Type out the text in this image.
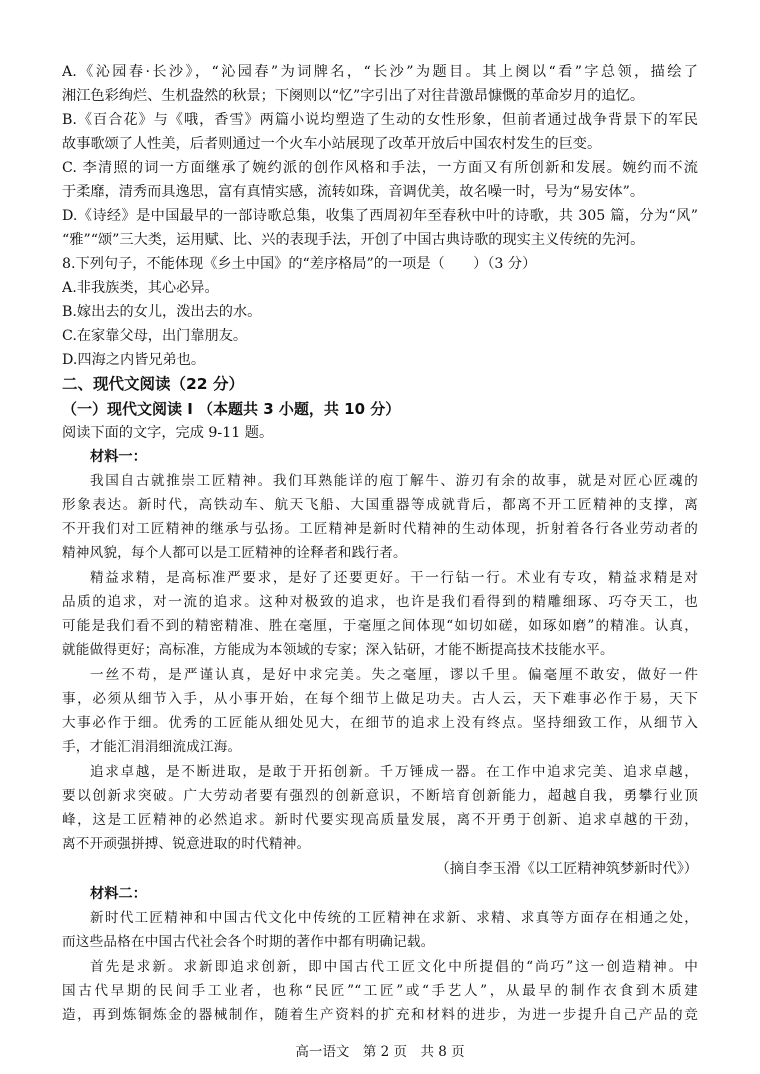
A.《沁园春·长沙》，“沁园春”为词牌名，“长沙”为题目。其上阕以“看”字总领，描绘了
湘江色彩绚烂、生机盎然的秋景；下阕则以“忆”字引出了对往昔激昂慷慨的革命岁月的追忆。
B.《百合花》与《哦，香雪》两篇小说均塑造了生动的女性形象，但前者通过战争背景下的军民
故事歌颂了人性美，后者则通过一个火车小站展现了改革开放后中国农村发生的巨变。
C. 李清照的词一方面继承了婉约派的创作风格和手法，一方面又有所创新和发展。婉约而不流
于柔靡，清秀而具逸思，富有真情实感，流转如珠，音调优美，故名噪一时，号为“易安体”。
D.《诗经》是中国最早的一部诗歌总集，收集了西周初年至春秋中叶的诗歌，共 305 篇，分为“风”
“雅”“颂”三大类，运用赋、比、兴的表现手法，开创了中国古典诗歌的现实主义传统的先河。
8.下列句子，不能体现《乡土中国》的“差序格局”的一项是（　　）（3 分）
A.非我族类，其心必异。
B.嫁出去的女儿，泼出去的水。
C.在家靠父母，出门靠朋友。
D.四海之内皆兄弟也。
二、现代文阅读（22 分）
（一）现代文阅读 I （本题共 3 小题，共 10 分）
阅读下面的文字，完成 9-11 题。
材料一：
我国自古就推崇工匠精神。我们耳熟能详的庖丁解牛、游刃有余的故事，就是对匠心匠魂的
形象表达。新时代，高铁动车、航天飞船、大国重器等成就背后，都离不开工匠精神的支撑，离
不开我们对工匠精神的继承与弘扬。工匠精神是新时代精神的生动体现，折射着各行各业劳动者的
精神风貌，每个人都可以是工匠精神的诠释者和践行者。
精益求精，是高标准严要求，是好了还要更好。干一行钻一行。术业有专攻，精益求精是对
品质的追求，对一流的追求。这种对极致的追求，也许是我们看得到的精雕细琢、巧夺天工，也
可能是我们看不到的精密精准、胜在毫厘，于毫厘之间体现“如切如磋，如琢如磨”的精准。认真，
就能做得更好；高标准，方能成为本领域的专家；深入钻研，才能不断提高技术技能水平。
一丝不苟，是严谨认真，是好中求完美。失之毫厘，谬以千里。偏毫厘不敢安，做好一件
事，必须从细节入手，从小事开始，在每个细节上做足功夫。古人云，天下难事必作于易，天下
大事必作于细。优秀的工匠能从细处见大，在细节的追求上没有终点。坚持细致工作，从细节入
手，才能汇涓涓细流成江海。
追求卓越，是不断进取，是敢于开拓创新。千万锤成一器。在工作中追求完美、追求卓越，
要以创新求突破。广大劳动者要有强烈的创新意识，不断培育创新能力，超越自我，勇攀行业顶
峰，这是工匠精神的必然追求。新时代要实现高质量发展，离不开勇于创新、追求卓越的干劲，
离不开顽强拼搏、锐意进取的时代精神。
（摘自李玉滑《以工匠精神筑梦新时代》）
材料二：
新时代工匠精神和中国古代文化中传统的工匠精神在求新、求精、求真等方面存在相通之处，
而这些品格在中国古代社会各个时期的著作中都有明确记载。
首先是求新。求新即追求创新，即中国古代工匠文化中所提倡的“尚巧”这一创造精神。中
国古代早期的民间手工业者，也称“民匠”“工匠”或“手艺人”，从最早的制作衣食到木质建
造，再到炼铜炼金的器械制作，随着生产资料的扩充和材料的进步，为进一步提升自己产品的竞
高一语文　第 2 页　共 8 页
